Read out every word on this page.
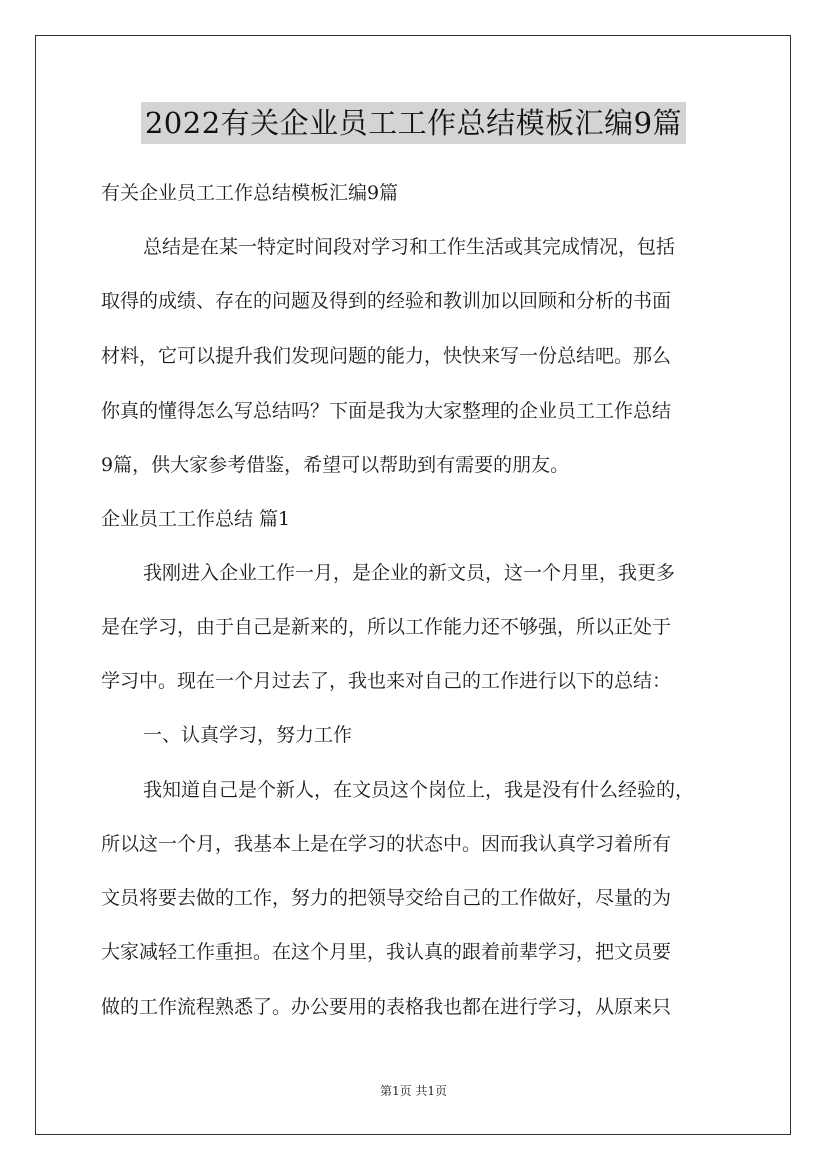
2022有关企业员工工作总结模板汇编9篇
有关企业员工工作总结模板汇编9篇
总结是在某一特定时间段对学习和工作生活或其完成情况，包括
取得的成绩、存在的问题及得到的经验和教训加以回顾和分析的书面
材料，它可以提升我们发现问题的能力，快快来写一份总结吧。那么
你真的懂得怎么写总结吗？下面是我为大家整理的企业员工工作总结
9篇，供大家参考借鉴，希望可以帮助到有需要的朋友。
企业员工工作总结 篇1
我刚进入企业工作一月，是企业的新文员，这一个月里，我更多
是在学习，由于自己是新来的，所以工作能力还不够强，所以正处于
学习中。现在一个月过去了，我也来对自己的工作进行以下的总结：
一、认真学习，努力工作
我知道自己是个新人，在文员这个岗位上，我是没有什么经验的，
所以这一个月，我基本上是在学习的状态中。因而我认真学习着所有
文员将要去做的工作，努力的把领导交给自己的工作做好，尽量的为
大家减轻工作重担。在这个月里，我认真的跟着前辈学习，把文员要
做的工作流程熟悉了。办公要用的表格我也都在进行学习，从原来只
第1页 共1页
